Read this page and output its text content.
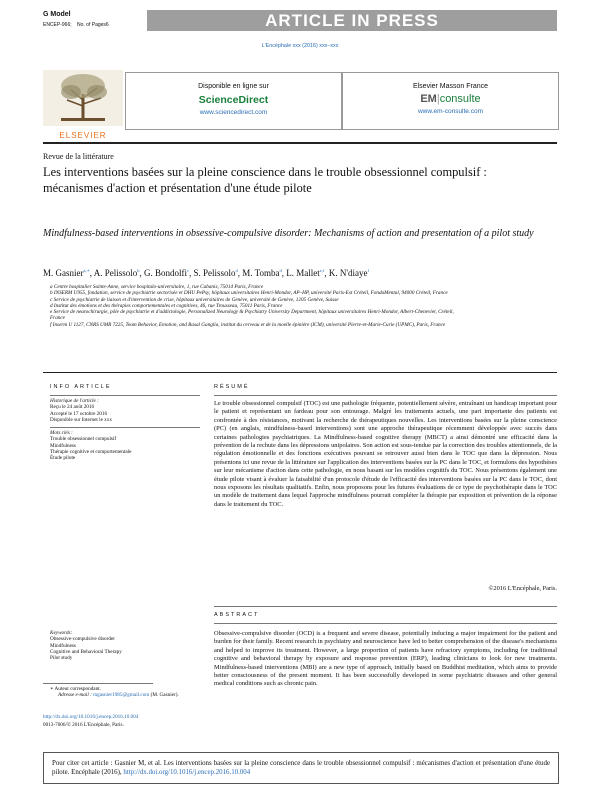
G Model
ENCEP-966; No. of Pages6	ARTICLE IN PRESS
L'Encéphale xxx (2016) xxx–xxx
ELSEVIER
Disponible en ligne sur
ScienceDirect
www.sciencedirect.com
Elsevier Masson France
EM|consulte
www.em-consulte.com
Revue de la littérature
Les interventions basées sur la pleine conscience dans le trouble obsessionnel compulsif : mécanismes d'action et présentation d'une étude pilote
Mindfulness-based interventions in obsessive-compulsive disorder: Mechanisms of action and presentation of a pilot study
M. Gasnier$^{a,∗}$, A. Pelissolo$^b$, G. Bondolfi$^c$, S. Pelissolo$^d$, M. Tomba$^d$, L. Mallet$^{e,f}$, K. N'diaye$^f$
a Centre hospitalier Sainte-Anne, service hospitalo-universitaire, 1, rue Cabanis, 75014 Paris, France
b INSERM U955, fondation, service de psychiatrie sectorisée et DHU PePsy, hôpitaux universitaires Henri-Mondor, AP–HP, université Paris-Est Créteil, FondaMental, 94000 Créteil, France
c Service de psychiatrie de liaison et d'intervention de crise, hôpitaux universitaires de Genève, université de Genève, 1205 Genève, Suisse
d Institut des émotions et des thérapies comportementales et cognitives, 46, rue Trousseau, 75011 Paris, France
e Service de neurochirurgie, pôle de psychiatrie et d'addictologie, Personalized Neurology & Psychiatry University Department, hôpitaux universitaires Henri-Mondor, Albert-Chenevier, Créteil, France
f Inserm U 1127, CNRS UMR 7225, Team Behavior, Emotion, and Basal Ganglia, institut du cerveau et de la moelle épinière (ICM), université Pierre-et-Marie-Curie (UPMC), Paris, France
INFO ARTICLE
Historique de l'article :
Reçu le 24 août 2016
Accepté le 17 octobre 2016
Disponible sur Internet le xxx
Mots clés :
Trouble obsessionnel compulsif
Mindfulness
Thérapie cognitive et comportementale
Étude pilote
Keywords:
Obsessive-compulsive disorder
Mindfulness
Cognitive and Behavioral Therapy
Pilot study
RÉSUMÉ
Le trouble obsessionnel compulsif (TOC) est une pathologie fréquente, potentiellement sévère, entraînant un handicap important pour le patient et représentant un fardeau pour son entourage. Malgré les traitements actuels, une part importante des patients est confrontée à des résistances, motivant la recherche de thérapeutiques nouvelles. Les interventions basées sur la pleine conscience (PC) (en anglais, mindfulness-based interventions) sont une approche thérapeutique récemment développée avec succès dans certaines pathologies psychiatriques. La Mindfulness-based cognitive therapy (MBCT) a ainsi démontré une efficacité dans la prévention de la rechute dans les dépressions unipolaires. Son action est sous-tendue par la correction des troubles attentionnels, de la régulation émotionnelle et des fonctions exécutives pouvant se retrouver aussi bien dans le TOC que dans la dépression. Nous présentons ici une revue de la littérature sur l'application des interventions basées sur la PC dans le TOC, et formulons des hypothèses sur leur mécanisme d'action dans cette pathologie, en nous basant sur les modèles cognitifs du TOC. Nous présentons également une étude pilote visant à évaluer la faisabilité d'un protocole d'étude de l'efficacité des interventions basées sur la PC dans le TOC, dont nous exposons les résultats qualitatifs. Enfin, nous proposons pour les futures évaluations de ce type de psychothérapie dans le TOC un modèle de traitement dans lequel l'approche mindfulness pourrait compléter la thérapie par exposition et prévention de la réponse dans le traitement du TOC.
©2016 L'Encéphale, Paris.
ABSTRACT
Obsessive-compulsive disorder (OCD) is a frequent and severe disease, potentially inducing a major impairment for the patient and burden for their family. Recent research in psychiatry and neuroscience have led to better comprehension of the disease's mechanisms and helped to improve its treatment. However, a large proportion of patients have refractory symptoms, including for traditional cognitive and behavioral therapy by exposure and response prevention (ERP), leading clinicians to look for new treatments. Mindfulness-based interventions (MBI) are a new type of approach, initially based on Buddhist meditation, which aims to provide better consciousness of the present moment. It has been successfully developed in some psychiatric diseases and other general medical conditions such as chronic pain.
∗ Auteur correspondant.
Adresse e-mail : mgasnier1985@gmail.com (M. Gasnier).
http://dx.doi.org/10.1016/j.encep.2016.10.004
0013-7006/© 2016 L'Encéphale, Paris.
Pour citer cet article : Gasnier M, et al. Les interventions basées sur la pleine conscience dans le trouble obsessionnel compulsif : mécanismes d'action et présentation d'une étude pilote. Encéphale (2016), http://dx.doi.org/10.1016/j.encep.2016.10.004
